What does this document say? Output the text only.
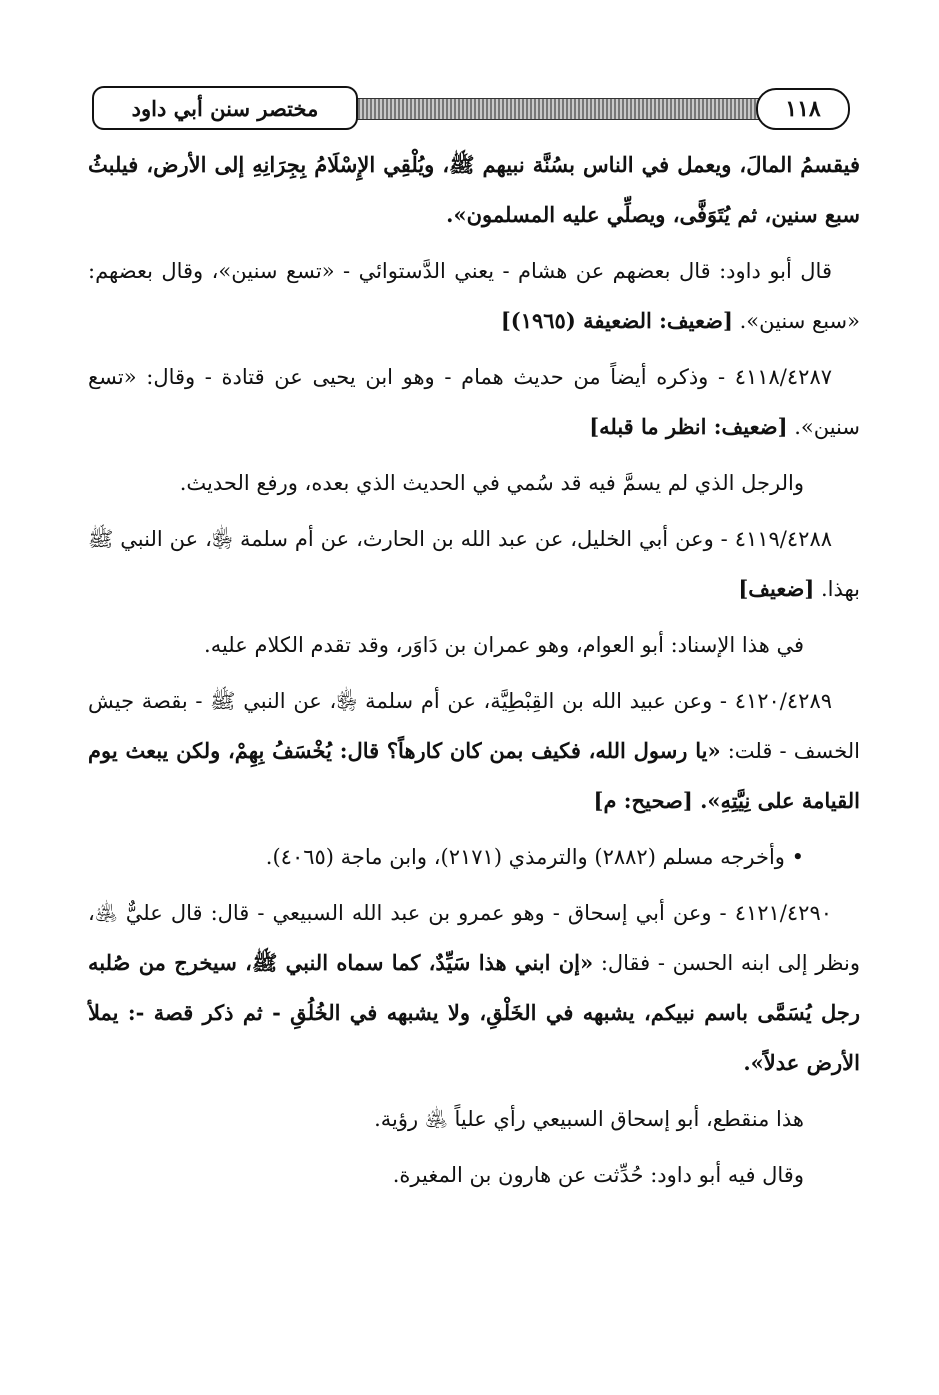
مختصر سنن أبي داود	١١٨

فيقسمُ المالَ، ويعمل في الناس بسُنَّة نبيهم ﷺ، ويُلْقِي الإِسْلَامُ بِجِرَانِهِ إلى الأرض، فيلبثُ سبع سنين، ثم يُتَوَفَّى، ويصلِّي عليه المسلمون».

قال أبو داود: قال بعضهم عن هشام - يعني الدَّستوائي - «تسع سنين»، وقال بعضهم: «سبع سنين». [ضعيف: الضعيفة (١٩٦٥)]

٤١١٨/٤٢٨٧ - وذكره أيضاً من حديث همام - وهو ابن يحيى عن قتادة - وقال: «تسع سنين». [ضعيف: انظر ما قبله]

والرجل الذي لم يسمَّ فيه قد سُمي في الحديث الذي بعده، ورفع الحديث.

٤١١٩/٤٢٨٨ - وعن أبي الخليل، عن عبد الله بن الحارث، عن أم سلمة ﵂، عن النبي ﷺ بهذا. [ضعيف]

في هذا الإسناد: أبو العوام، وهو عمران بن دَاوَر، وقد تقدم الكلام عليه.

٤١٢٠/٤٢٨٩ - وعن عبيد الله بن القِبْطِيَّة، عن أم سلمة ﵂، عن النبي ﷺ - بقصة جيش الخسف - قلت: «يا رسول الله، فكيف بمن كان كارهاً؟ قال: يُخْسَفُ بِهِمْ، ولكن يبعث يوم القيامة على نِيَّتِهِ». [صحيح: م]

• وأخرجه مسلم (٢٨٨٢) والترمذي (٢١٧١)، وابن ماجة (٤٠٦٥).

٤١٢١/٤٢٩٠ - وعن أبي إسحاق - وهو عمرو بن عبد الله السبيعي - قال: قال عليٌّ ﵁، ونظر إلى ابنه الحسن - فقال: «إن ابني هذا سَيِّدٌ، كما سماه النبي ﷺ، سيخرج من صُلبه رجل يُسَمَّى باسم نبيكم، يشبهه في الخَلْقِ، ولا يشبهه في الخُلُقِ - ثم ذكر قصة -: يملأ الأرض عدلاً».

هذا منقطع، أبو إسحاق السبيعي رأي علياً ﵁ رؤية.

وقال فيه أبو داود: حُدِّثت عن هارون بن المغيرة.
